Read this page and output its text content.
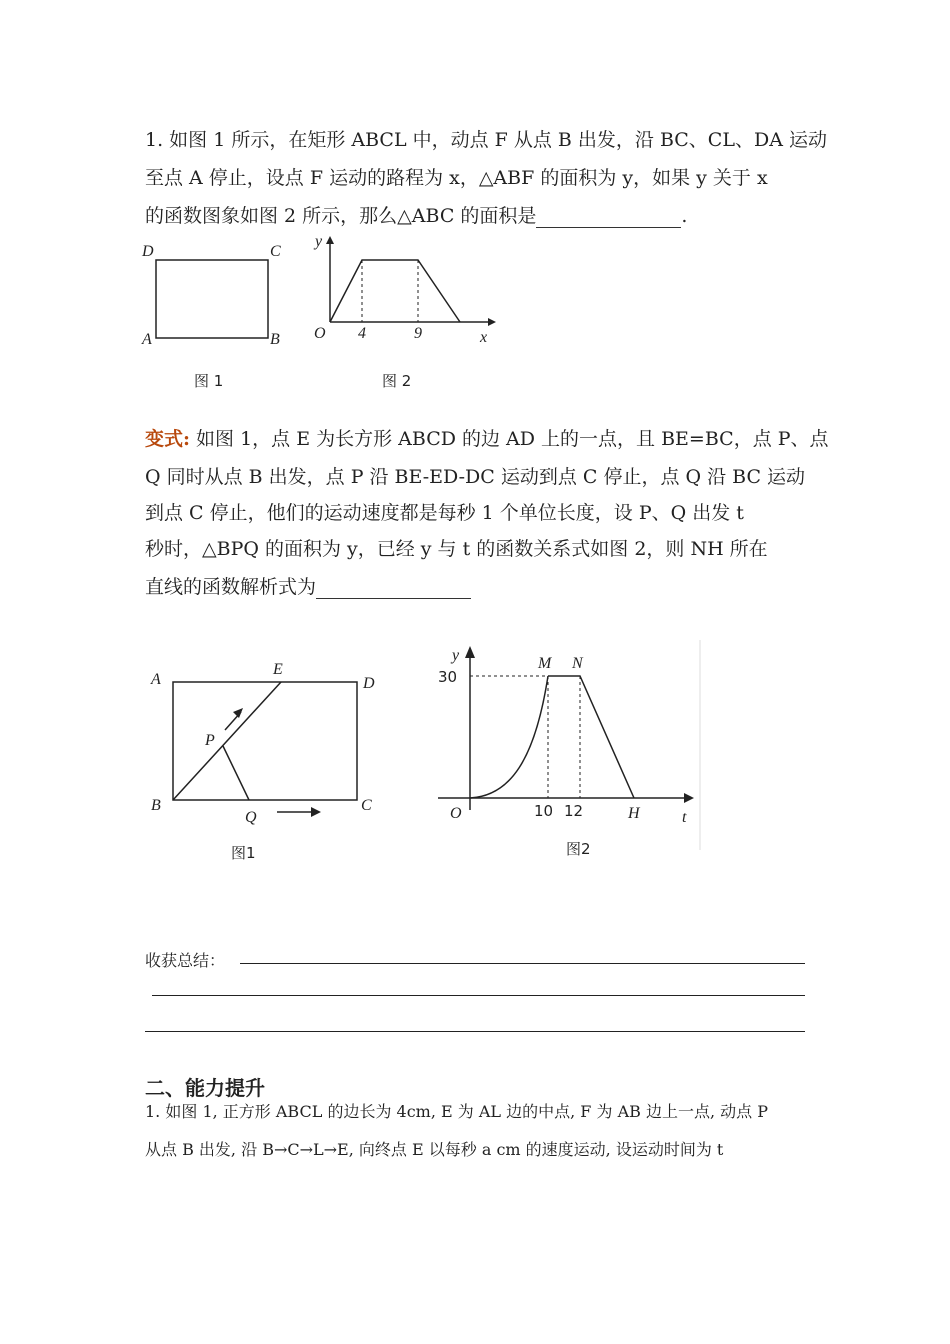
1. 如图 1 所示，在矩形 ABCL 中，动点 F 从点 B 出发，沿 BC、CL、DA 运动
至点 A 停止，设点 F 运动的路程为 x，△ABF 的面积为 y，如果 y 关于 x
的函数图象如图 2 所示，那么△ABC 的面积是	.
D	C
A	B
图 1
y
O 4	9	x
图 2
变式: 如图 1，点 E 为长方形 ABCD 的边 AD 上的一点，且 BE=BC，点 P、点
Q 同时从点 B 出发，点 P 沿 BE-ED-DC 运动到点 C 停止，点 Q 沿 BC 运动
到点 C 停止，他们的运动速度都是每秒 1 个单位长度，设 P、Q 出发 t
秒时，△BPQ 的面积为 y，已经 y 与 t 的函数关系式如图 2，则 NH 所在
直线的函数解析式为
A
E
D
P
B
Q
C
图1
y
30
M N
O	10 12	H	t
图2
收获总结：
二、能力提升
1. 如图 1, 正方形 ABCL 的边长为 4cm, E 为 AL 边的中点, F 为 AB 边上一点, 动点 P
从点 B 出发, 沿 B→C→L→E, 向终点 E 以每秒 a cm 的速度运动, 设运动时间为 t
